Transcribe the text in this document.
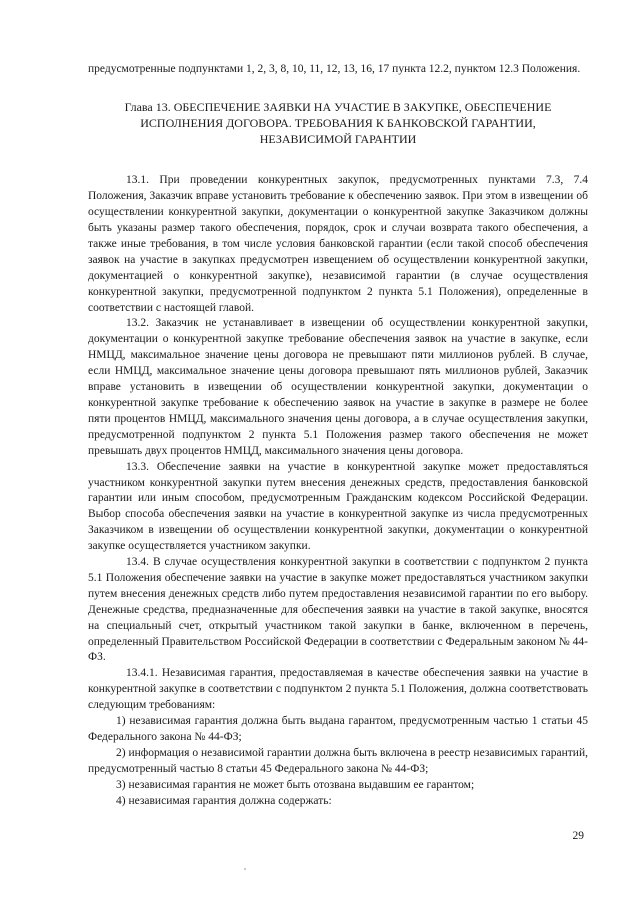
предусмотренные подпунктами 1, 2, 3, 8, 10, 11, 12, 13, 16, 17 пункта 12.2, пунктом 12.3 Положения.

Глава 13. ОБЕСПЕЧЕНИЕ ЗАЯВКИ НА УЧАСТИЕ В ЗАКУПКЕ, ОБЕСПЕЧЕНИЕ ИСПОЛНЕНИЯ ДОГОВОРА. ТРЕБОВАНИЯ К БАНКОВСКОЙ ГАРАНТИИ, НЕЗАВИСИМОЙ ГАРАНТИИ

13.1. При проведении конкурентных закупок, предусмотренных пунктами 7.3, 7.4 Положения, Заказчик вправе установить требование к обеспечению заявок. При этом в извещении об осуществлении конкурентной закупки, документации о конкурентной закупке Заказчиком должны быть указаны размер такого обеспечения, порядок, срок и случаи возврата такого обеспечения, а также иные требования, в том числе условия банковской гарантии (если такой способ обеспечения заявок на участие в закупках предусмотрен извещением об осуществлении конкурентной закупки, документацией о конкурентной закупке), независимой гарантии (в случае осуществления конкурентной закупки, предусмотренной подпунктом 2 пункта 5.1 Положения), определенные в соответствии с настоящей главой.

13.2. Заказчик не устанавливает в извещении об осуществлении конкурентной закупки, документации о конкурентной закупке требование обеспечения заявок на участие в закупке, если НМЦД, максимальное значение цены договора не превышают пяти миллионов рублей. В случае, если НМЦД, максимальное значение цены договора превышают пять миллионов рублей, Заказчик вправе установить в извещении об осуществлении конкурентной закупки, документации о конкурентной закупке требование к обеспечению заявок на участие в закупке в размере не более пяти процентов НМЦД, максимального значения цены договора, а в случае осуществления закупки, предусмотренной подпунктом 2 пункта 5.1 Положения размер такого обеспечения не может превышать двух процентов НМЦД, максимального значения цены договора.

13.3. Обеспечение заявки на участие в конкурентной закупке может предоставляться участником конкурентной закупки путем внесения денежных средств, предоставления банковской гарантии или иным способом, предусмотренным Гражданским кодексом Российской Федерации. Выбор способа обеспечения заявки на участие в конкурентной закупке из числа предусмотренных Заказчиком в извещении об осуществлении конкурентной закупки, документации о конкурентной закупке осуществляется участником закупки.

13.4. В случае осуществления конкурентной закупки в соответствии с подпунктом 2 пункта 5.1 Положения обеспечение заявки на участие в закупке может предоставляться участником закупки путем внесения денежных средств либо путем предоставления независимой гарантии по его выбору. Денежные средства, предназначенные для обеспечения заявки на участие в такой закупке, вносятся на специальный счет, открытый участником такой закупки в банке, включенном в перечень, определенный Правительством Российской Федерации в соответствии с Федеральным законом № 44-ФЗ.

13.4.1. Независимая гарантия, предоставляемая в качестве обеспечения заявки на участие в конкурентной закупке в соответствии с подпунктом 2 пункта 5.1 Положения, должна соответствовать следующим требованиям:

1) независимая гарантия должна быть выдана гарантом, предусмотренным частью 1 статьи 45 Федерального закона № 44-ФЗ;

2) информация о независимой гарантии должна быть включена в реестр независимых гарантий, предусмотренный частью 8 статьи 45 Федерального закона № 44-ФЗ;

3) независимая гарантия не может быть отозвана выдавшим ее гарантом;

4) независимая гарантия должна содержать:

29
